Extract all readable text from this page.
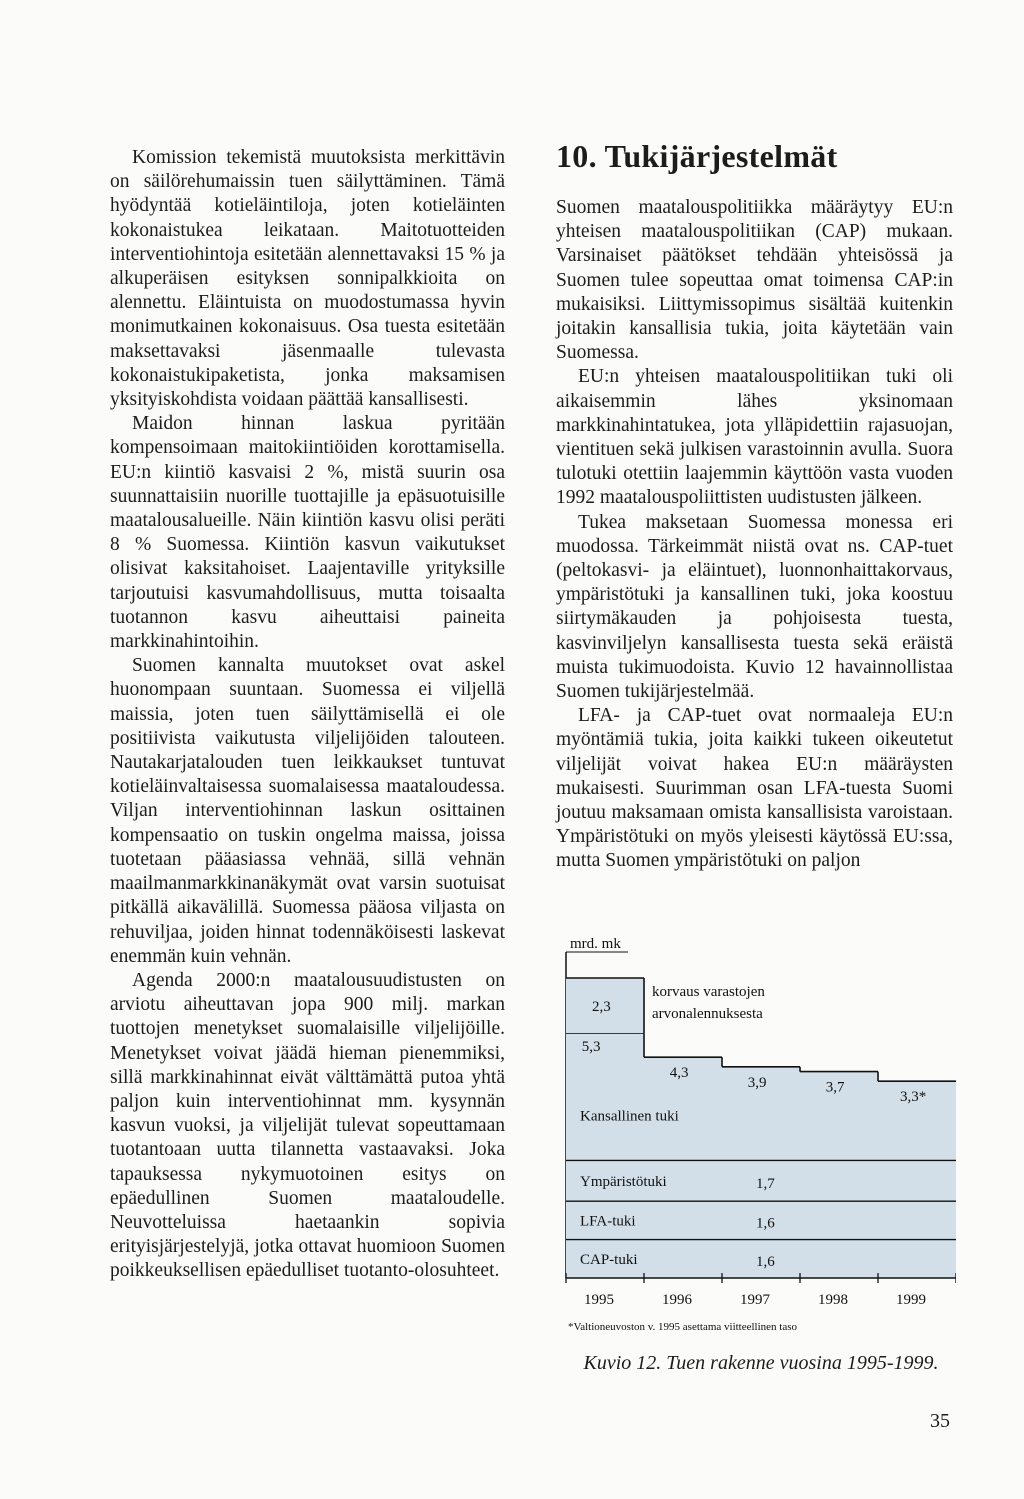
Komission tekemistä muutoksista merkittävin on säilörehumaissin tuen säilyttäminen. Tämä hyödyntää kotieläintiloja, joten kotieläinten kokonaistukea leikataan. Maitotuotteiden interventiohintoja esitetään alennettavaksi 15 % ja alkuperäisen esityksen sonnipalkkioita on alennettu. Eläintuista on muodostumassa hyvin monimutkainen kokonaisuus. Osa tuesta esitetään maksettavaksi jäsenmaalle tulevasta kokonaistukipaketista, jonka maksamisen yksityiskohdista voidaan päättää kansallisesti.

Maidon hinnan laskua pyritään kompensoimaan maitokiintiöiden korottamisella. EU:n kiintiö kasvaisi 2 %, mistä suurin osa suunnattaisiin nuorille tuottajille ja epäsuotuisille maatalousalueille. Näin kiintiön kasvu olisi peräti 8 % Suomessa. Kiintiön kasvun vaikutukset olisivat kaksitahoiset. Laajentaville yrityksille tarjoutuisi kasvumahdollisuus, mutta toisaalta tuotannon kasvu aiheuttaisi paineita markkinahintoihin.

Suomen kannalta muutokset ovat askel huonompaan suuntaan. Suomessa ei viljellä maissia, joten tuen säilyttämisellä ei ole positiivista vaikutusta viljelijöiden talouteen. Nautakarjatalouden tuen leikkaukset tuntuvat kotieläinvaltaisessa suomalaisessa maataloudessa. Viljan interventiohinnan laskun osittainen kompensaatio on tuskin ongelma maissa, joissa tuotetaan pääasiassa vehnää, sillä vehnän maailmanmarkkinanäkymät ovat varsin suotuisat pitkällä aikavälillä. Suomessa pääosa viljasta on rehuviljaa, joiden hinnat todennäköisesti laskevat enemmän kuin vehnän.

Agenda 2000:n maatalousuudistusten on arviotu aiheuttavan jopa 900 milj. markan tuottojen menetykset suomalaisille viljelijöille. Menetykset voivat jäädä hieman pienemmiksi, sillä markkinahinnat eivät välttämättä putoa yhtä paljon kuin interventiohinnat mm. kysynnän kasvun vuoksi, ja viljelijät tulevat sopeuttamaan tuotantoaan uutta tilannetta vastaavaksi. Joka tapauksessa nykymuotoinen esitys on epäedullinen Suomen maataloudelle. Neuvotteluissa haetaankin sopivia erityisjärjestelyjä, jotka ottavat huomioon Suomen poikkeuksellisen epäedulliset tuotanto-olosuhteet.

10. Tukijärjestelmät

Suomen maatalouspolitiikka määräytyy EU:n yhteisen maatalouspolitiikan (CAP) mukaan. Varsinaiset päätökset tehdään yhteisössä ja Suomen tulee sopeuttaa omat toimensa CAP:in mukaisiksi. Liittymissopimus sisältää kuitenkin joitakin kansallisia tukia, joita käytetään vain Suomessa.

EU:n yhteisen maatalouspolitiikan tuki oli aikaisemmin lähes yksinomaan markkinahintatukea, jota ylläpidettiin rajasuojan, vientituen sekä julkisen varastoinnin avulla. Suora tulotuki otettiin laajemmin käyttöön vasta vuoden 1992 maatalouspoliittisten uudistusten jälkeen.

Tukea maksetaan Suomessa monessa eri muodossa. Tärkeimmät niistä ovat ns. CAP-tuet (peltokasvi- ja eläintuet), luonnonhaittakorvaus, ympäristötuki ja kansallinen tuki, joka koostuu siirtymäkauden ja pohjoisesta tuesta, kasvinviljelyn kansallisesta tuesta sekä eräistä muista tukimuodoista. Kuvio 12 havainnollistaa Suomen tukijärjestelmää.

LFA- ja CAP-tuet ovat normaaleja EU:n myöntämiä tukia, joita kaikki tukeen oikeutetut viljelijät voivat hakea EU:n määräysten mukaisesti. Suurimman osan LFA-tuesta Suomi joutuu maksamaan omista kansallisista varoistaan. Ympäristötuki on myös yleisesti käytössä EU:ssa, mutta Suomen ympäristötuki on paljon

mrd. mk
2,3
korvaus varastojen
arvonalennuksesta
5,3
4,3
3,9	3,7
3,3*
Kansallinen tuki
Ympäristötuki	1,7
LFA-tuki	1,6
CAP-tuki	1,6
1995	1996	1997	1998	1999
*Valtioneuvoston v. 1995 asettama viitteellinen taso
Kuvio 12. Tuen rakenne vuosina 1995-1999.
35
